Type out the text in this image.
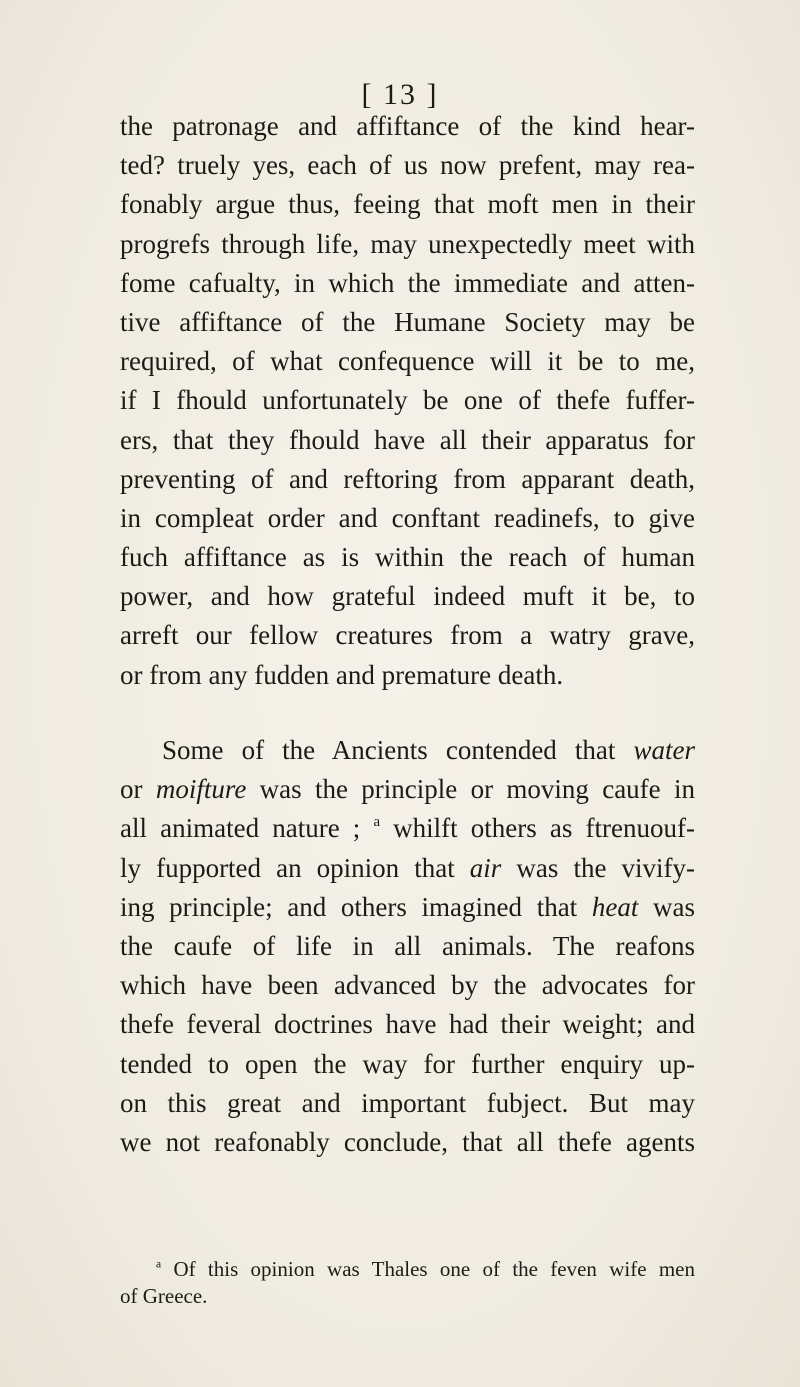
[ 13 ]
the patronage and affiftance of the kind hear-
ted? truely yes, each of us now prefent, may rea-
fonably argue thus, feeing that moft men in their
progrefs through life, may unexpectedly meet with
fome cafualty, in which the immediate and atten-
tive affiftance of the Humane Society may be
required, of what confequence will it be to me,
if I fhould unfortunately be one of thefe fuffer-
ers, that they fhould have all their apparatus for
preventing of and reftoring from apparant death,
in compleat order and conftant readinefs, to give
fuch affiftance as is within the reach of human
power, and how grateful indeed muft it be, to
arreft our fellow creatures from a watry grave,
or from any fudden and premature death.
Some of the Ancients contended that water
or moifture was the principle or moving caufe in
all animated nature ; $^a$ whilft others as ftrenuouf-
ly fupported an opinion that air was the vivify-
ing principle; and others imagined that heat was
the caufe of life in all animals. The reafons
which have been advanced by the advocates for
thefe feveral doctrines have had their weight; and
tended to open the way for further enquiry up-
on this great and important fubject. But may
we not reafonably conclude, that all thefe agents
$^a$ Of this opinion was Thales one of the feven wife men
of Greece.
